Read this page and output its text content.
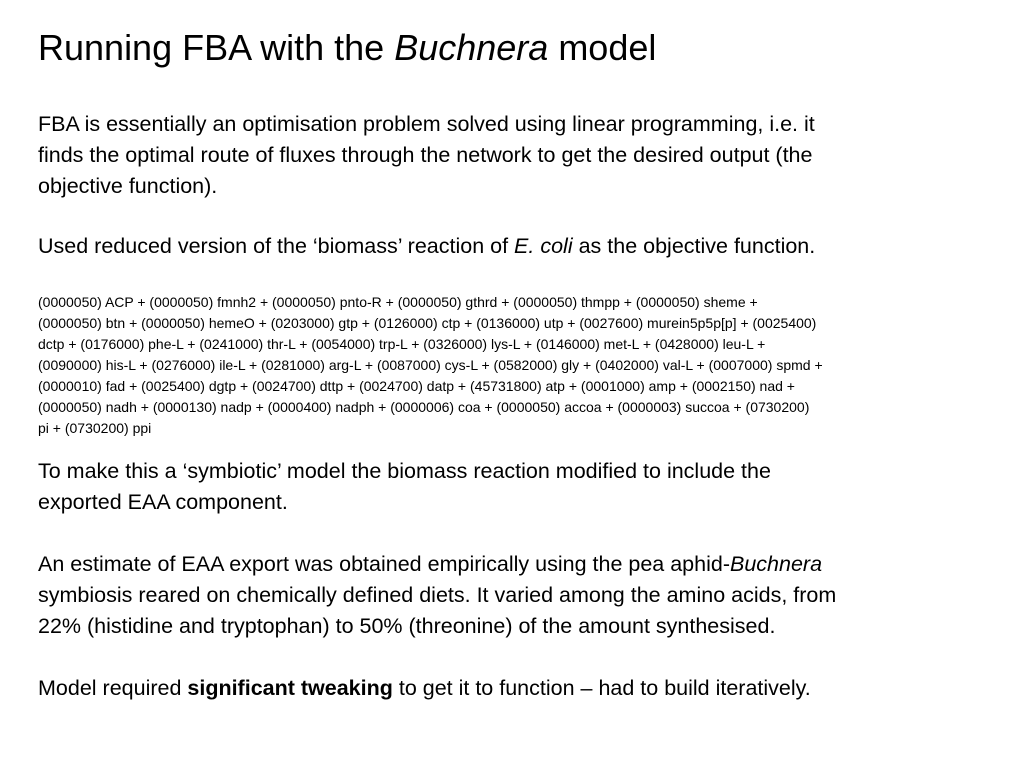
Running FBA with the Buchnera model
FBA is essentially an optimisation problem solved using linear programming, i.e. it
finds the optimal route of fluxes through the network to get the desired output (the
objective function).
Used reduced version of the ‘biomass’ reaction of E. coli as the objective function.
(0000050) ACP + (0000050) fmnh2 + (0000050) pnto-R + (0000050) gthrd + (0000050) thmpp + (0000050) sheme +
(0000050) btn + (0000050) hemeO + (0203000) gtp + (0126000) ctp + (0136000) utp + (0027600) murein5p5p[p] + (0025400)
dctp + (0176000) phe-L + (0241000) thr-L + (0054000) trp-L + (0326000) lys-L + (0146000) met-L + (0428000) leu-L +
(0090000) his-L + (0276000) ile-L + (0281000) arg-L + (0087000) cys-L + (0582000) gly + (0402000) val-L + (0007000) spmd +
(0000010) fad + (0025400) dgtp + (0024700) dttp + (0024700) datp + (45731800) atp + (0001000) amp + (0002150) nad +
(0000050) nadh + (0000130) nadp + (0000400) nadph + (0000006) coa + (0000050) accoa + (0000003) succoa + (0730200)
pi + (0730200) ppi
To make this a ‘symbiotic’ model the biomass reaction modified to include the
exported EAA component.
An estimate of EAA export was obtained empirically using the pea aphid-Buchnera
symbiosis reared on chemically defined diets. It varied among the amino acids, from
22% (histidine and tryptophan) to 50% (threonine) of the amount synthesised.
Model required significant tweaking to get it to function – had to build iteratively.
